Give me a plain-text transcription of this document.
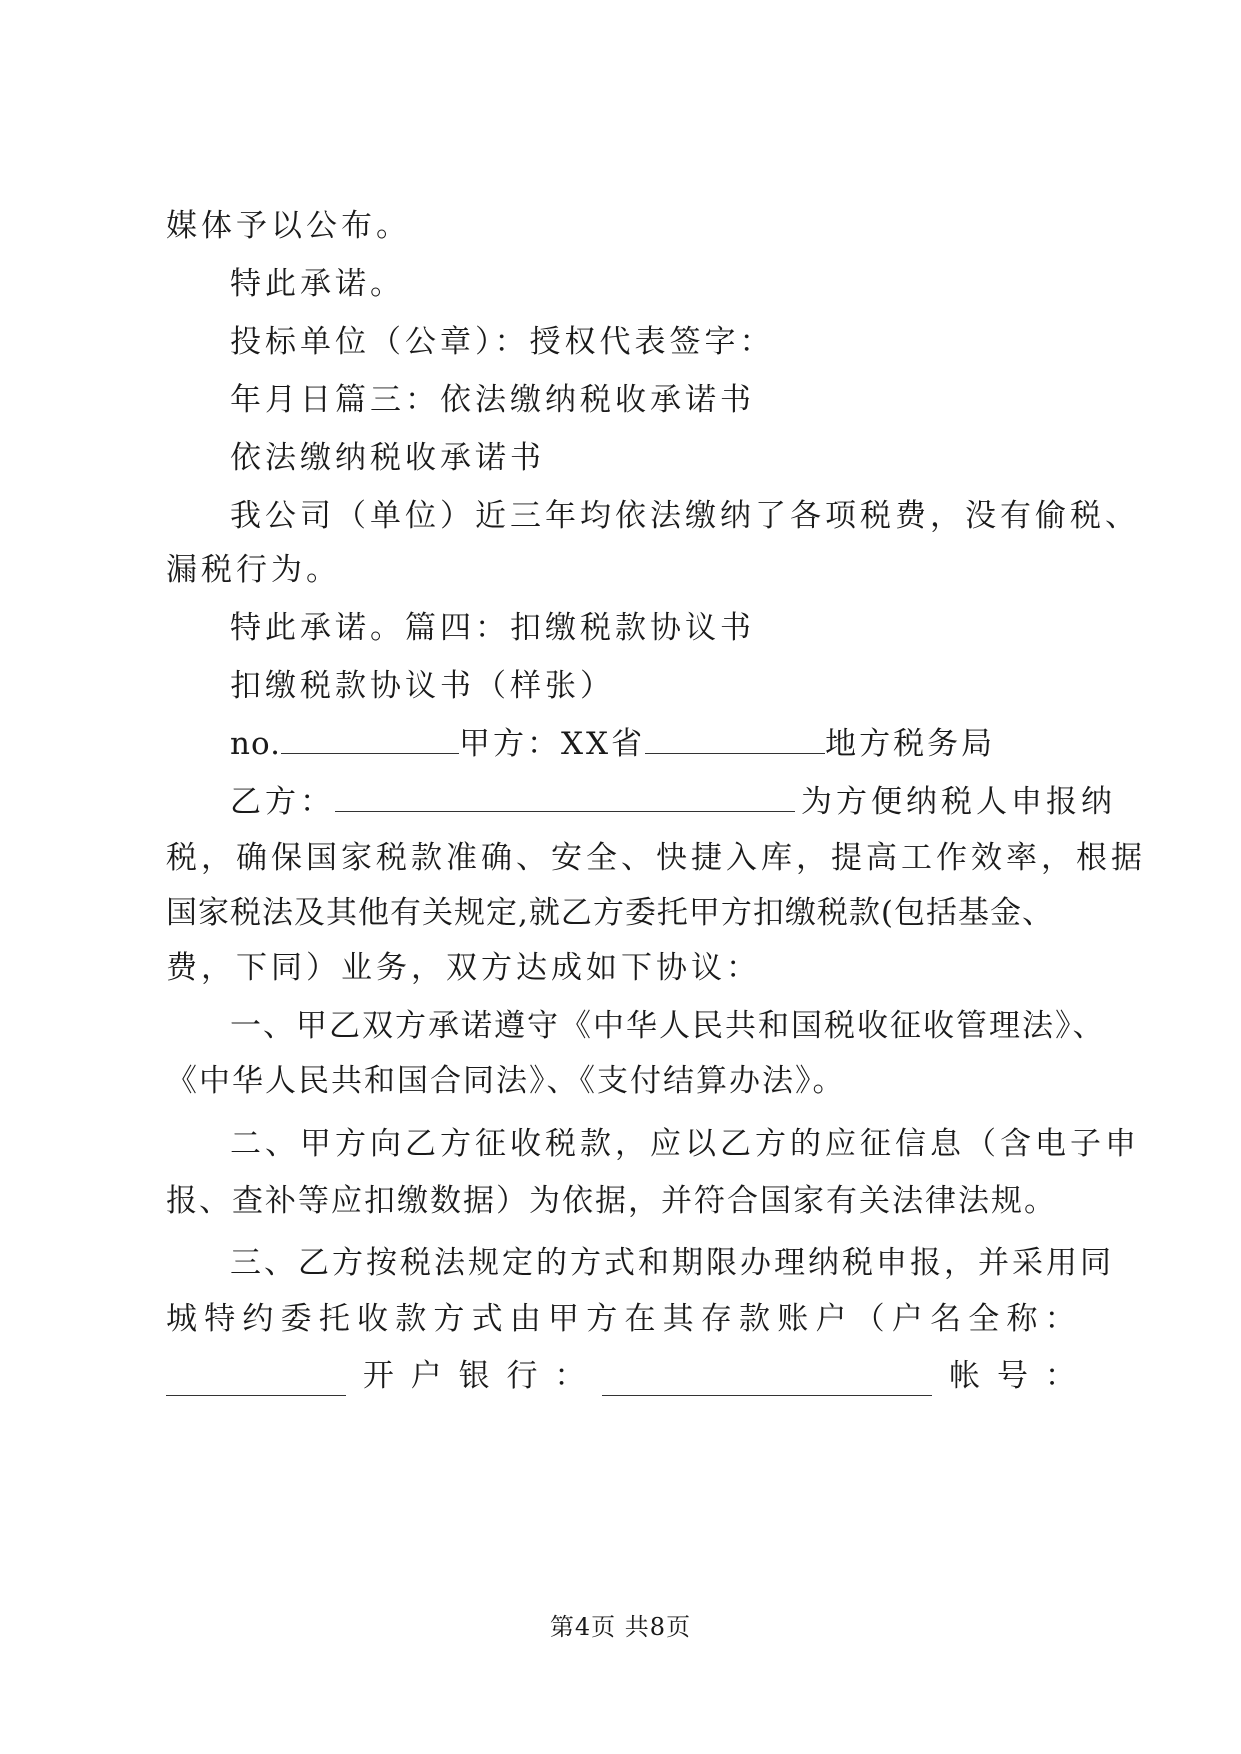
媒体予以公布。
特此承诺。
投标单位（公章）：授权代表签字：
年月日篇三：依法缴纳税收承诺书
依法缴纳税收承诺书
我公司（单位）近三年均依法缴纳了各项税费，没有偷税、
漏税行为。
特此承诺。篇四：扣缴税款协议书
扣缴税款协议书（样张）
no.	甲方：XX省	地方税务局
乙方：	为方便纳税人申报纳
税，确保国家税款准确、安全、快捷入库，提高工作效率，根据
国家税法及其他有关规定,就乙方委托甲方扣缴税款(包括基金、
费，下同）业务，双方达成如下协议：
一、甲乙双方承诺遵守《中华人民共和国税收征收管理法》、
《中华人民共和国合同法》、《支付结算办法》。
二、甲方向乙方征收税款，应以乙方的应征信息（含电子申
报、查补等应扣缴数据）为依据，并符合国家有关法律法规。
三、乙方按税法规定的方式和期限办理纳税申报，并采用同
城 特 约 委 托 收 款 方 式 由 甲 方 在 其 存 款 账 户 （ 户 名 全 称 ：
开 户 银 行 ：	帐 号 ：
第4页 共8页
